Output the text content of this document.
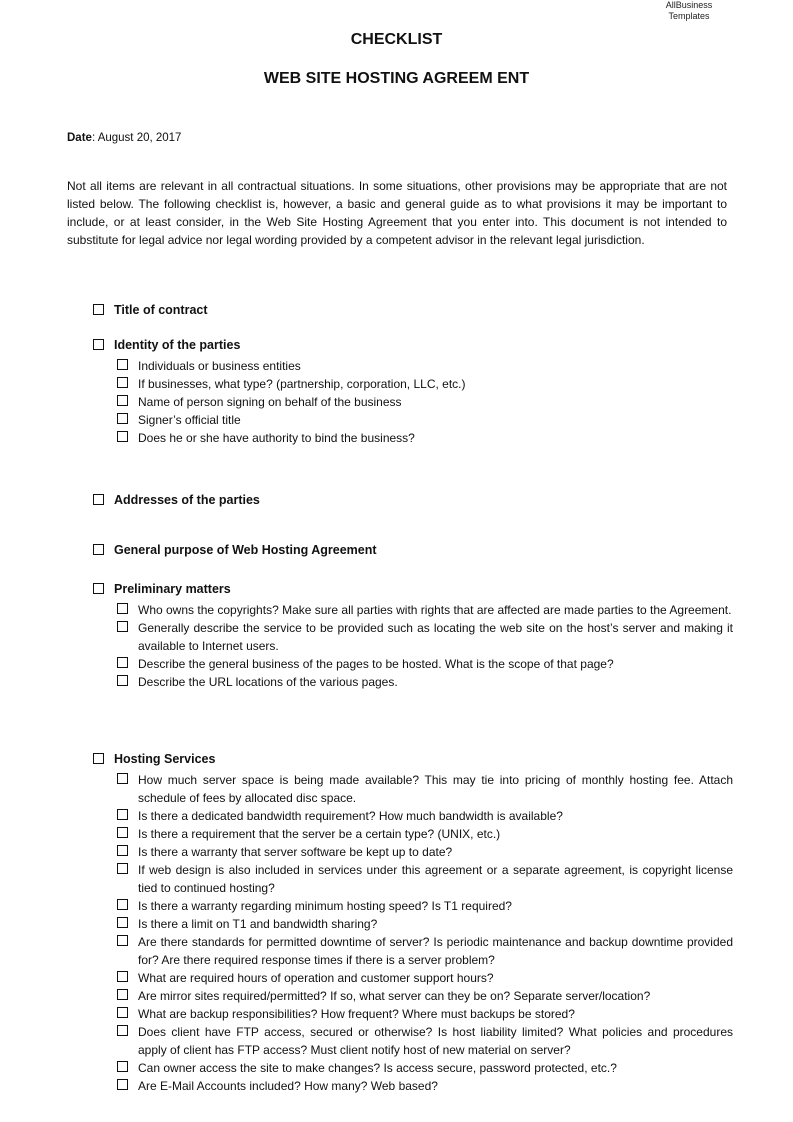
AllBusiness
Templates
CHECKLIST
WEB SITE HOSTING AGREEM ENT
Date: August 20, 2017

Not all items are relevant in all contractual situations. In some situations, other provisions may be appropriate that are not listed below. The following checklist is, however, a basic and general guide as to what provisions it may be important to include, or at least consider, in the Web Site Hosting Agreement that you enter into. This document is not intended to substitute for legal advice nor legal wording provided by a competent advisor in the relevant legal jurisdiction.

Title of contract
Identity of the parties
Individuals or business entities
If businesses, what type? (partnership, corporation, LLC, etc.)
Name of person signing on behalf of the business
Signer’s official title
Does he or she have authority to bind the business?
Addresses of the parties
General purpose of Web Hosting Agreement
Preliminary matters
Who owns the copyrights? Make sure all parties with rights that are affected are made parties to the Agreement.
Generally describe the service to be provided such as locating the web site on the host’s server and making it available to Internet users.
Describe the general business of the pages to be hosted. What is the scope of that page?
Describe the URL locations of the various pages.
Hosting Services
How much server space is being made available? This may tie into pricing of monthly hosting fee. Attach schedule of fees by allocated disc space.
Is there a dedicated bandwidth requirement? How much bandwidth is available?
Is there a requirement that the server be a certain type? (UNIX, etc.)
Is there a warranty that server software be kept up to date?
If web design is also included in services under this agreement or a separate agreement, is copyright license tied to continued hosting?
Is there a warranty regarding minimum hosting speed? Is T1 required?
Is there a limit on T1 and bandwidth sharing?
Are there standards for permitted downtime of server? Is periodic maintenance and backup downtime provided for? Are there required response times if there is a server problem?
What are required hours of operation and customer support hours?
Are mirror sites required/permitted? If so, what server can they be on? Separate server/location?
What are backup responsibilities? How frequent? Where must backups be stored?
Does client have FTP access, secured or otherwise? Is host liability limited? What policies and procedures apply of client has FTP access? Must client notify host of new material on server?
Can owner access the site to make changes? Is access secure, password protected, etc.?
Are E-Mail Accounts included? How many? Web based?
